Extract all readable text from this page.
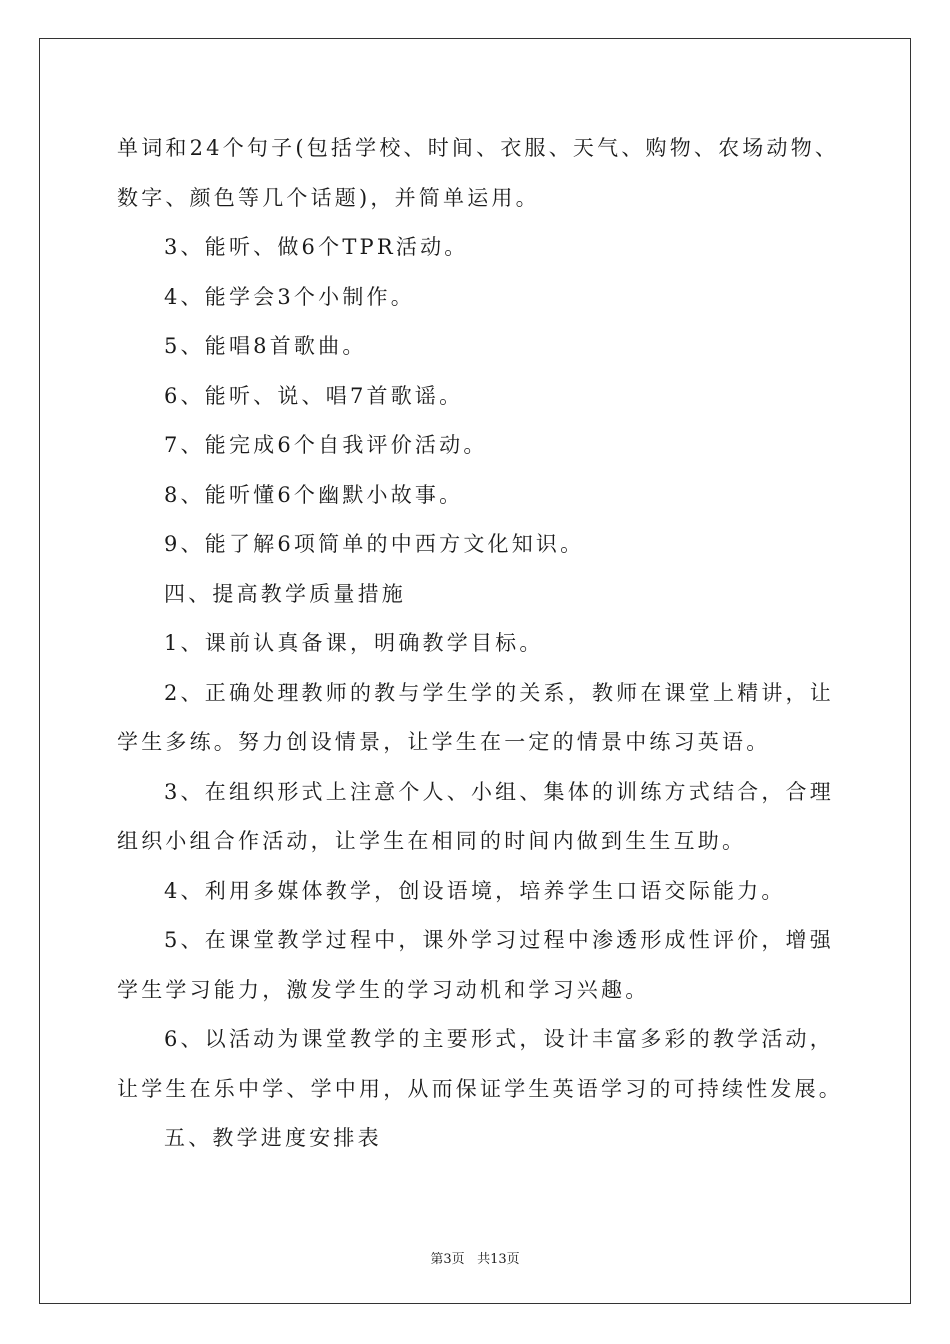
单词和24个句子(包括学校、时间、衣服、天气、购物、农场动物、

数字、颜色等几个话题)，并简单运用。

3、能听、做6个TPR活动。

4、能学会3个小制作。

5、能唱8首歌曲。

6、能听、说、唱7首歌谣。

7、能完成6个自我评价活动。

8、能听懂6个幽默小故事。

9、能了解6项简单的中西方文化知识。

四、提高教学质量措施

1、课前认真备课，明确教学目标。

2、正确处理教师的教与学生学的关系，教师在课堂上精讲，让

学生多练。努力创设情景，让学生在一定的情景中练习英语。

3、在组织形式上注意个人、小组、集体的训练方式结合，合理

组织小组合作活动，让学生在相同的时间内做到生生互助。

4、利用多媒体教学，创设语境，培养学生口语交际能力。

5、在课堂教学过程中，课外学习过程中渗透形成性评价，增强

学生学习能力，激发学生的学习动机和学习兴趣。

6、以活动为课堂教学的主要形式，设计丰富多彩的教学活动，

让学生在乐中学、学中用，从而保证学生英语学习的可持续性发展。

五、教学进度安排表

第3页 共13页
